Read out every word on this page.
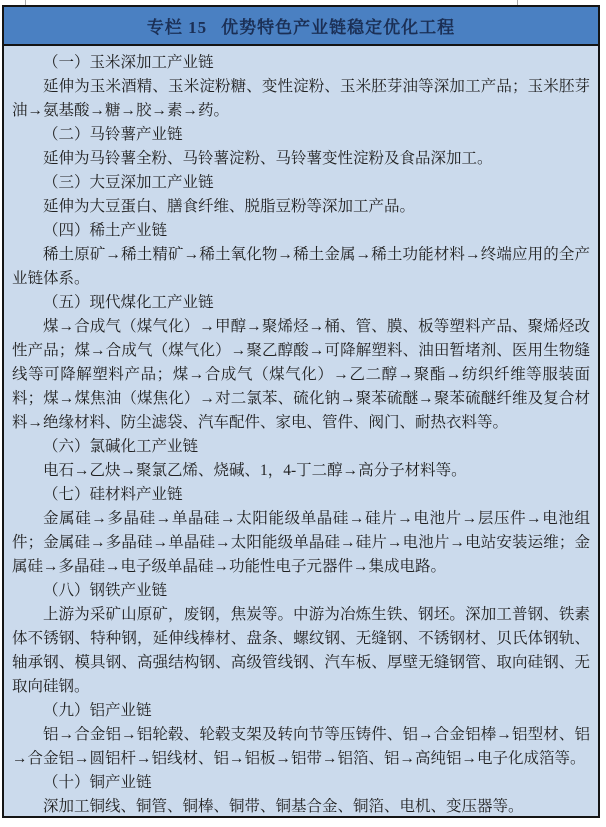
专栏 15 优势特色产业链稳定优化工程
（一）玉米深加工产业链

延伸为玉米酒精、玉米淀粉糖、变性淀粉、玉米胚芽油等深加工产品；玉米胚芽油→氨基酸→糖→胶→素→药。

（二）马铃薯产业链

延伸为马铃薯全粉、马铃薯淀粉、马铃薯变性淀粉及食品深加工。

（三）大豆深加工产业链

延伸为大豆蛋白、膳食纤维、脱脂豆粉等深加工产品。

（四）稀土产业链

稀土原矿→稀土精矿→稀土氧化物→稀土金属→稀土功能材料→终端应用的全产业链体系。

（五）现代煤化工产业链

煤→合成气（煤气化）→甲醇→聚烯烃→桶、管、膜、板等塑料产品、聚烯烃改性产品；煤→合成气（煤气化）→聚乙醇酸→可降解塑料、油田暂堵剂、医用生物缝线等可降解塑料产品；煤→合成气（煤气化）→乙二醇→聚酯→纺织纤维等服装面料；煤→煤焦油（煤焦化）→对二氯苯、硫化钠→聚苯硫醚→聚苯硫醚纤维及复合材料→绝缘材料、防尘滤袋、汽车配件、家电、管件、阀门、耐热衣料等。

（六）氯碱化工产业链

电石→乙炔→聚氯乙烯、烧碱、1，4-丁二醇→高分子材料等。

（七）硅材料产业链

金属硅→多晶硅→单晶硅→太阳能级单晶硅→硅片→电池片→层压件→电池组件；金属硅→多晶硅→单晶硅→太阳能级单晶硅→硅片→电池片→电站安装运维；金属硅→多晶硅→电子级单晶硅→功能性电子元器件→集成电路。

（八）钢铁产业链

上游为采矿山原矿，废钢，焦炭等。中游为冶炼生铁、钢坯。深加工普钢、铁素体不锈钢、特种钢，延伸线棒材、盘条、螺纹钢、无缝钢、不锈钢材、贝氏体钢轨、轴承钢、模具钢、高强结构钢、高级管线钢、汽车板、厚壁无缝钢管、取向硅钢、无取向硅钢。

（九）铝产业链

铝→合金铝→铝轮毂、轮毂支架及转向节等压铸件、铝→合金铝棒→铝型材、铝→合金铝→圆铝杆→铝线材、铝→铝板→铝带→铝箔、铝→高纯铝→电子化成箔等。

（十）铜产业链

深加工铜线、铜管、铜棒、铜带、铜基合金、铜箔、电机、变压器等。
